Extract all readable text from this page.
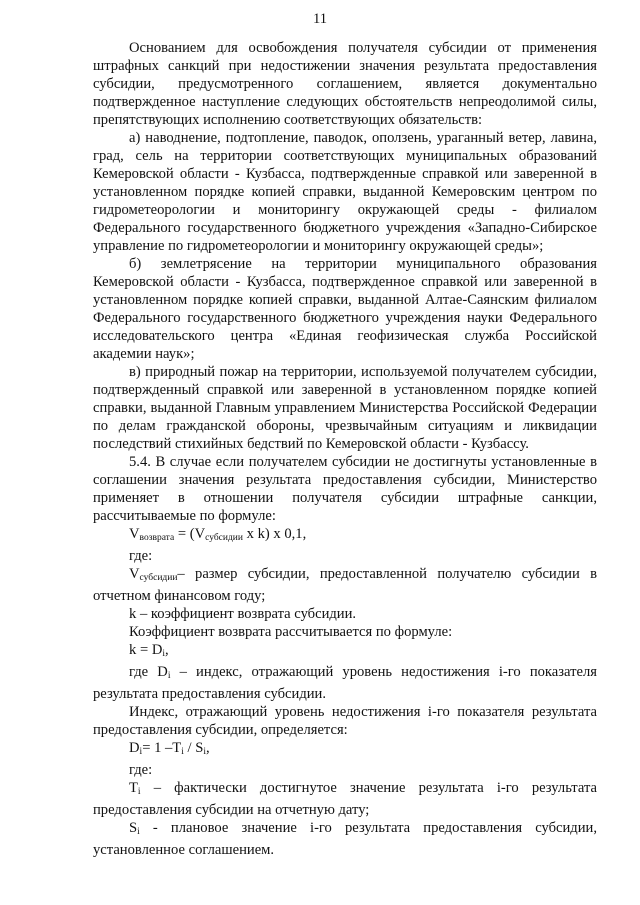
11

Основанием для освобождения получателя субсидии от применения штрафных санкций при недостижении значения результата предоставления субсидии, предусмотренного соглашением, является документально подтвержденное наступление следующих обстоятельств непреодолимой силы, препятствующих исполнению соответствующих обязательств:

а) наводнение, подтопление, паводок, оползень, ураганный ветер, лавина, град, сель на территории соответствующих муниципальных образований Кемеровской области - Кузбасса, подтвержденные справкой или заверенной в установленном порядке копией справки, выданной Кемеровским центром по гидрометеорологии и мониторингу окружающей среды - филиалом Федерального государственного бюджетного учреждения «Западно-Сибирское управление по гидрометеорологии и мониторингу окружающей среды»;

б) землетрясение на территории муниципального образования Кемеровской области - Кузбасса, подтвержденное справкой или заверенной в установленном порядке копией справки, выданной Алтае-Саянским филиалом Федерального государственного бюджетного учреждения науки Федерального исследовательского центра «Единая геофизическая служба Российской академии наук»;

в) природный пожар на территории, используемой получателем субсидии, подтвержденный справкой или заверенной в установленном порядке копией справки, выданной Главным управлением Министерства Российской Федерации по делам гражданской обороны, чрезвычайным ситуациям и ликвидации последствий стихийных бедствий по Кемеровской области - Кузбассу.

5.4. В случае если получателем субсидии не достигнуты установленные в соглашении значения результата предоставления субсидии, Министерство применяет в отношении получателя субсидии штрафные санкции, рассчитываемые по формуле:

$V_{возврата} = (V_{субсидии}$ x k) x 0,1,

где:

$V_{субсидии}-$ размер субсидии, предоставленной получателю субсидии в отчетном финансовом году;

k – коэффициент возврата субсидии.

Коэффициент возврата рассчитывается по формуле:

$k = D_i$,

где $D_i$ – индекс, отражающий уровень недостижения i-го показателя результата предоставления субсидии.

Индекс, отражающий уровень недостижения i-го показателя результата предоставления субсидии, определяется:

$D_i= 1$ $-T_i / S_i$,

где:

$T_i$ – фактически достигнутое значение результата i-го результата предоставления субсидии на отчетную дату;

$S_i$ - плановое значение i-го результата предоставления субсидии, установленное соглашением.
